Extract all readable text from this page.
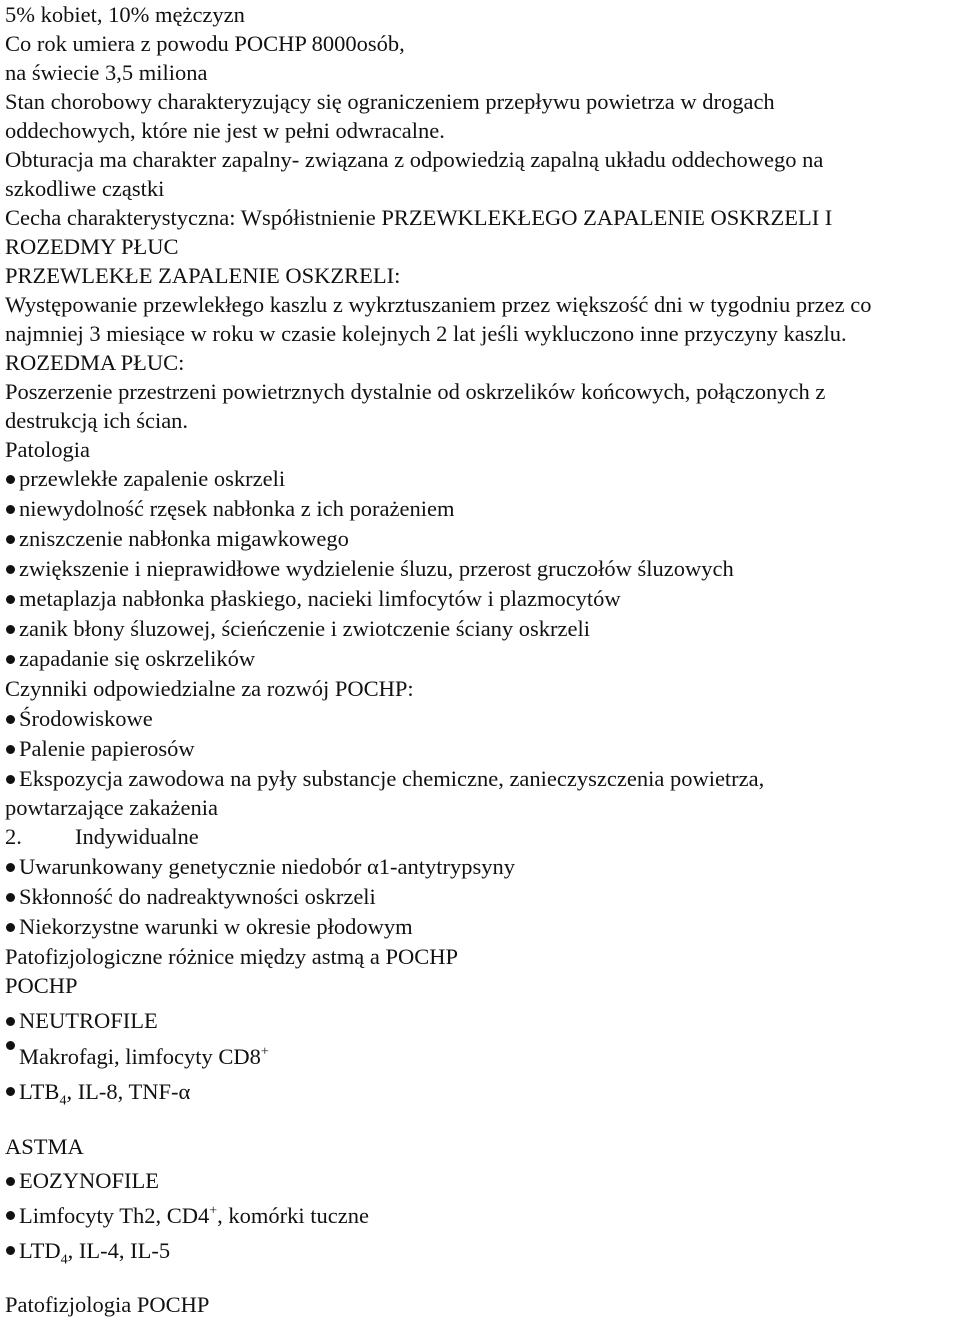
5% kobiet, 10% mężczyzn
Co rok umiera z powodu POCHP 8000osób,
na świecie 3,5 miliona
Stan chorobowy charakteryzujący się ograniczeniem przepływu powietrza w drogach
oddechowych, które nie jest w pełni odwracalne.
Obturacja ma charakter zapalny- związana z odpowiedzią zapalną układu oddechowego na
szkodliwe cząstki
Cecha charakterystyczna: Współistnienie PRZEWKLEKŁEGO ZAPALENIE OSKRZELI I
ROZEDMY PŁUC
PRZEWLEKŁE ZAPALENIE OSKZRELI:
Występowanie przewlekłego kaszlu z wykrztuszaniem przez większość dni w tygodniu przez co
najmniej 3 miesiące w roku w czasie kolejnych 2 lat jeśli wykluczono inne przyczyny kaszlu.
ROZEDMA PŁUC:
Poszerzenie przestrzeni powietrznych dystalnie od oskrzelików końcowych, połączonych z
destrukcją ich ścian.
Patologia
przewlekłe zapalenie oskrzeli
niewydolność rzęsek nabłonka z ich porażeniem
zniszczenie nabłonka migawkowego
zwiększenie i nieprawidłowe wydzielenie śluzu, przerost gruczołów śluzowych
metaplazja nabłonka płaskiego, nacieki limfocytów i plazmocytów
zanik błony śluzowej, ścieńczenie i zwiotczenie ściany oskrzeli
zapadanie się oskrzelików
Czynniki odpowiedzialne za rozwój POCHP:
Środowiskowe
Palenie papierosów
Ekspozycja zawodowa na pyły substancje chemiczne, zanieczyszczenia powietrza,
powtarzające zakażenia
2. Indywidualne
Uwarunkowany genetycznie niedobór α1-antytrypsyny
Skłonność do nadreaktywności oskrzeli
Niekorzystne warunki w okresie płodowym
Patofizjologiczne różnice między astmą a POCHP
POCHP
NEUTROFILE
Makrofagi, limfocyty CD8+
$LTB_4$, IL-8, TNF-α
ASTMA
EOZYNOFILE
Limfocyty Th2, CD4+, komórki tuczne
$LTD_4$, IL-4, IL-5
Patofizjologia POCHP
